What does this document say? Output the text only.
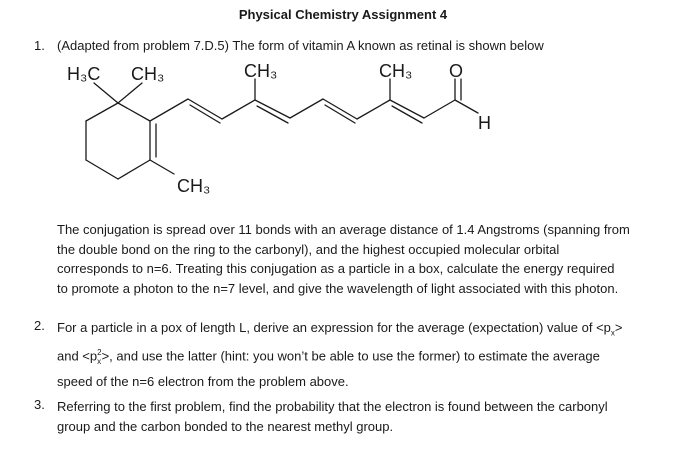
Physical Chemistry Assignment 4
1. (Adapted from problem 7.D.5) The form of vitamin A known as retinal is shown below
H₃C CH₃	CH₃	CH₃ O
H
CH₃
The conjugation is spread over 11 bonds with an average distance of 1.4 Angstroms (spanning from
the double bond on the ring to the carbonyl), and the highest occupied molecular orbital
corresponds to n=6. Treating this conjugation as a particle in a box, calculate the energy required
to promote a photon to the n=7 level, and give the wavelength of light associated with this photon.
2. For a particle in a pox of length L, derive an expression for the average (expectation) value of $<p_x>$
and $<p_x^2>$, and use the latter (hint: you won’t be able to use the former) to estimate the average
speed of the n=6 electron from the problem above.
3. Referring to the first problem, find the probability that the electron is found between the carbonyl
group and the carbon bonded to the nearest methyl group.
